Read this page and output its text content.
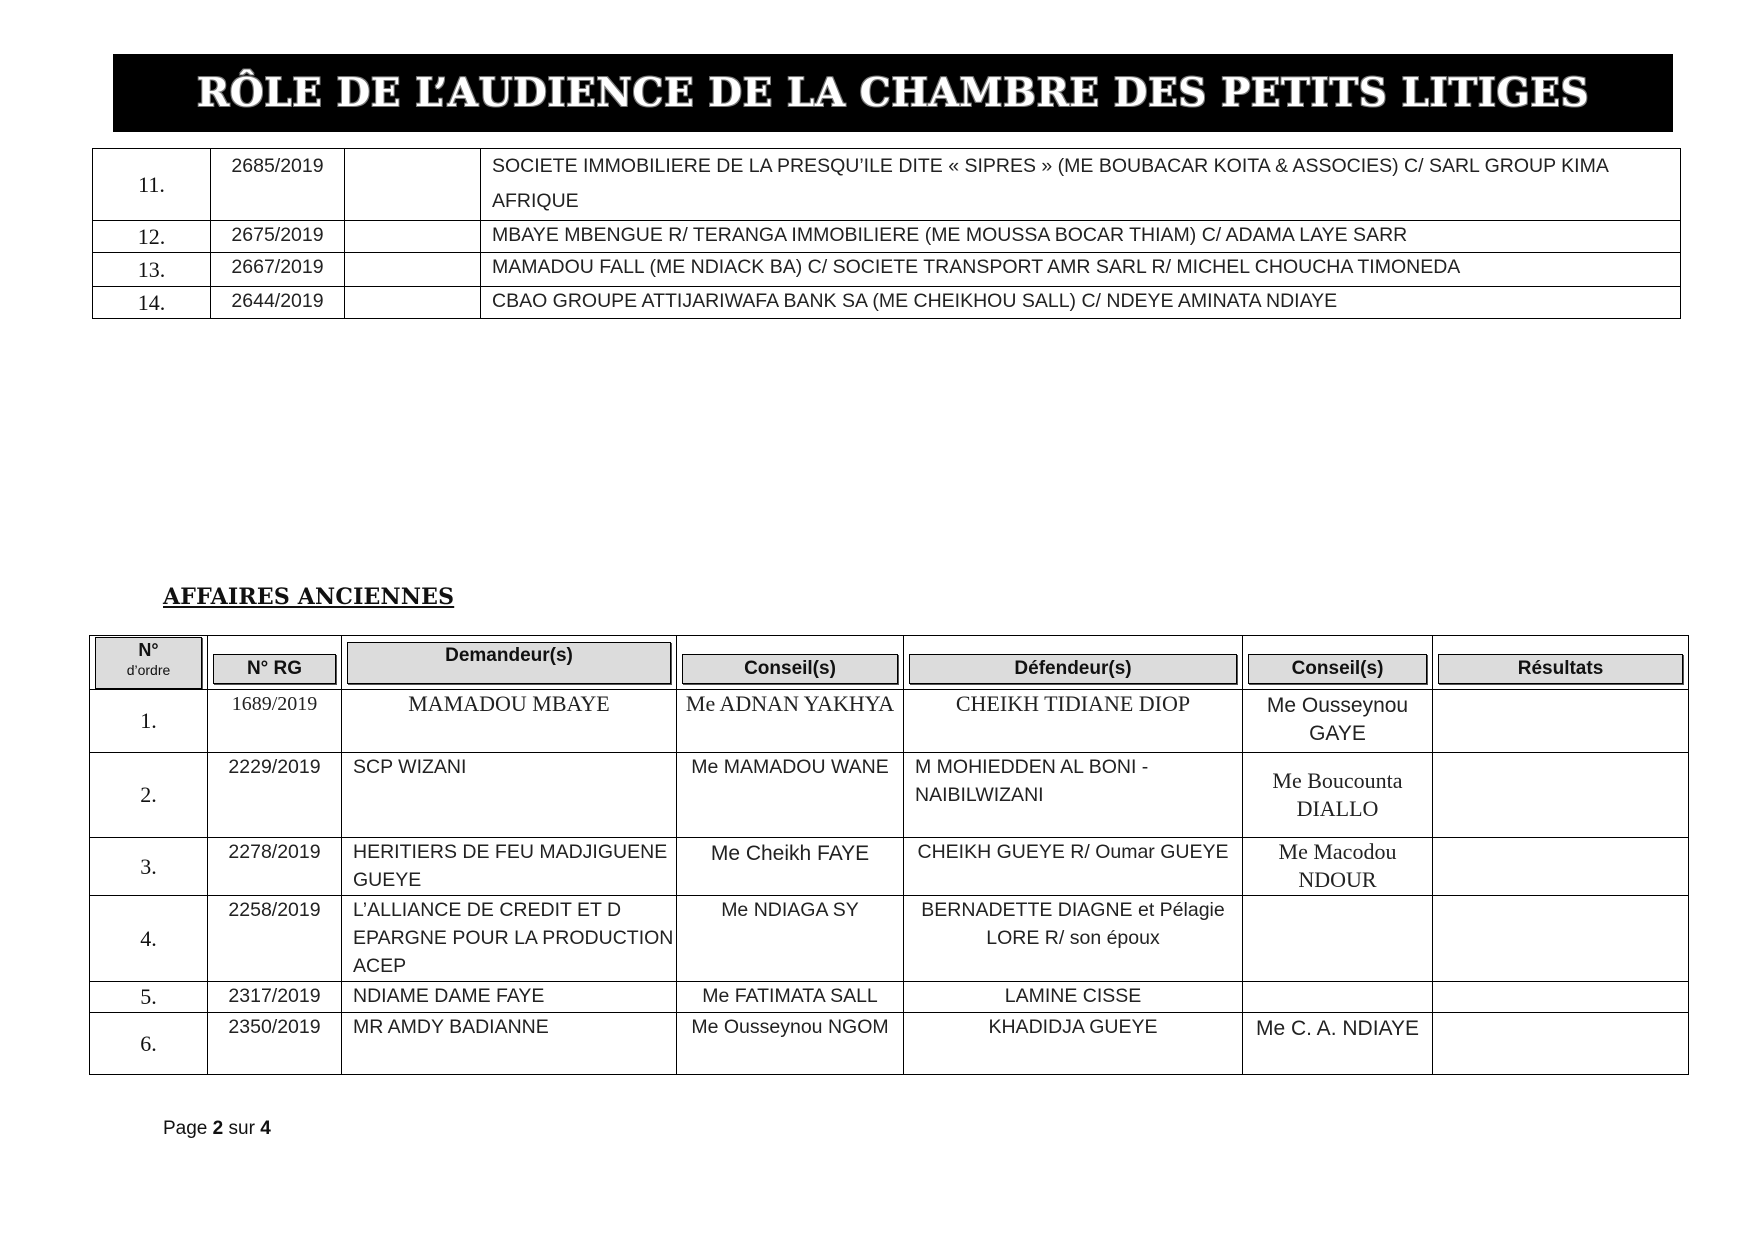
RÔLE DE L’AUDIENCE DE LA CHAMBRE DES PETITS LITIGES
11.	2685/2019		SOCIETE IMMOBILIERE DE LA PRESQU’ILE DITE « SIPRES » (ME BOUBACAR KOITA & ASSOCIES) C/ SARL GROUP KIMA AFRIQUE
12.	2675/2019		MBAYE MBENGUE R/ TERANGA IMMOBILIERE (ME MOUSSA BOCAR THIAM) C/ ADAMA LAYE SARR
13.	2667/2019		MAMADOU FALL (ME NDIACK BA) C/ SOCIETE TRANSPORT AMR SARL R/ MICHEL CHOUCHA TIMONEDA
14.	2644/2019		CBAO GROUPE ATTIJARIWAFA BANK SA (ME CHEIKHOU SALL) C/ NDEYE AMINATA NDIAYE
AFFAIRES ANCIENNES
N°
d’ordre	N° RG	Demandeur(s)	Conseil(s)	Défendeur(s)	Conseil(s)	Résultats

1.	1689/2019	MAMADOU MBAYE	Me ADNAN YAKHYA	CHEIKH TIDIANE DIOP	Me Ousseynou GAYE	
2.	2229/2019	SCP WIZANI	Me MAMADOU WANE	M MOHIEDDEN AL BONI - NAIBILWIZANI	Me Boucounta DIALLO	
3.	2278/2019	HERITIERS DE FEU MADJIGUENE GUEYE	Me Cheikh FAYE	CHEIKH GUEYE R/ Oumar GUEYE	Me Macodou NDOUR	
4.	2258/2019	L’ALLIANCE DE CREDIT ET D EPARGNE POUR LA PRODUCTION ACEP	Me NDIAGA SY	BERNADETTE DIAGNE et Pélagie LORE R/ son époux		
5.	2317/2019	NDIAME DAME FAYE	Me FATIMATA SALL	LAMINE CISSE		
6.	2350/2019	MR AMDY BADIANNE	Me Ousseynou NGOM	KHADIDJA GUEYE	Me C. A. NDIAYE	
Page 2 sur 4
